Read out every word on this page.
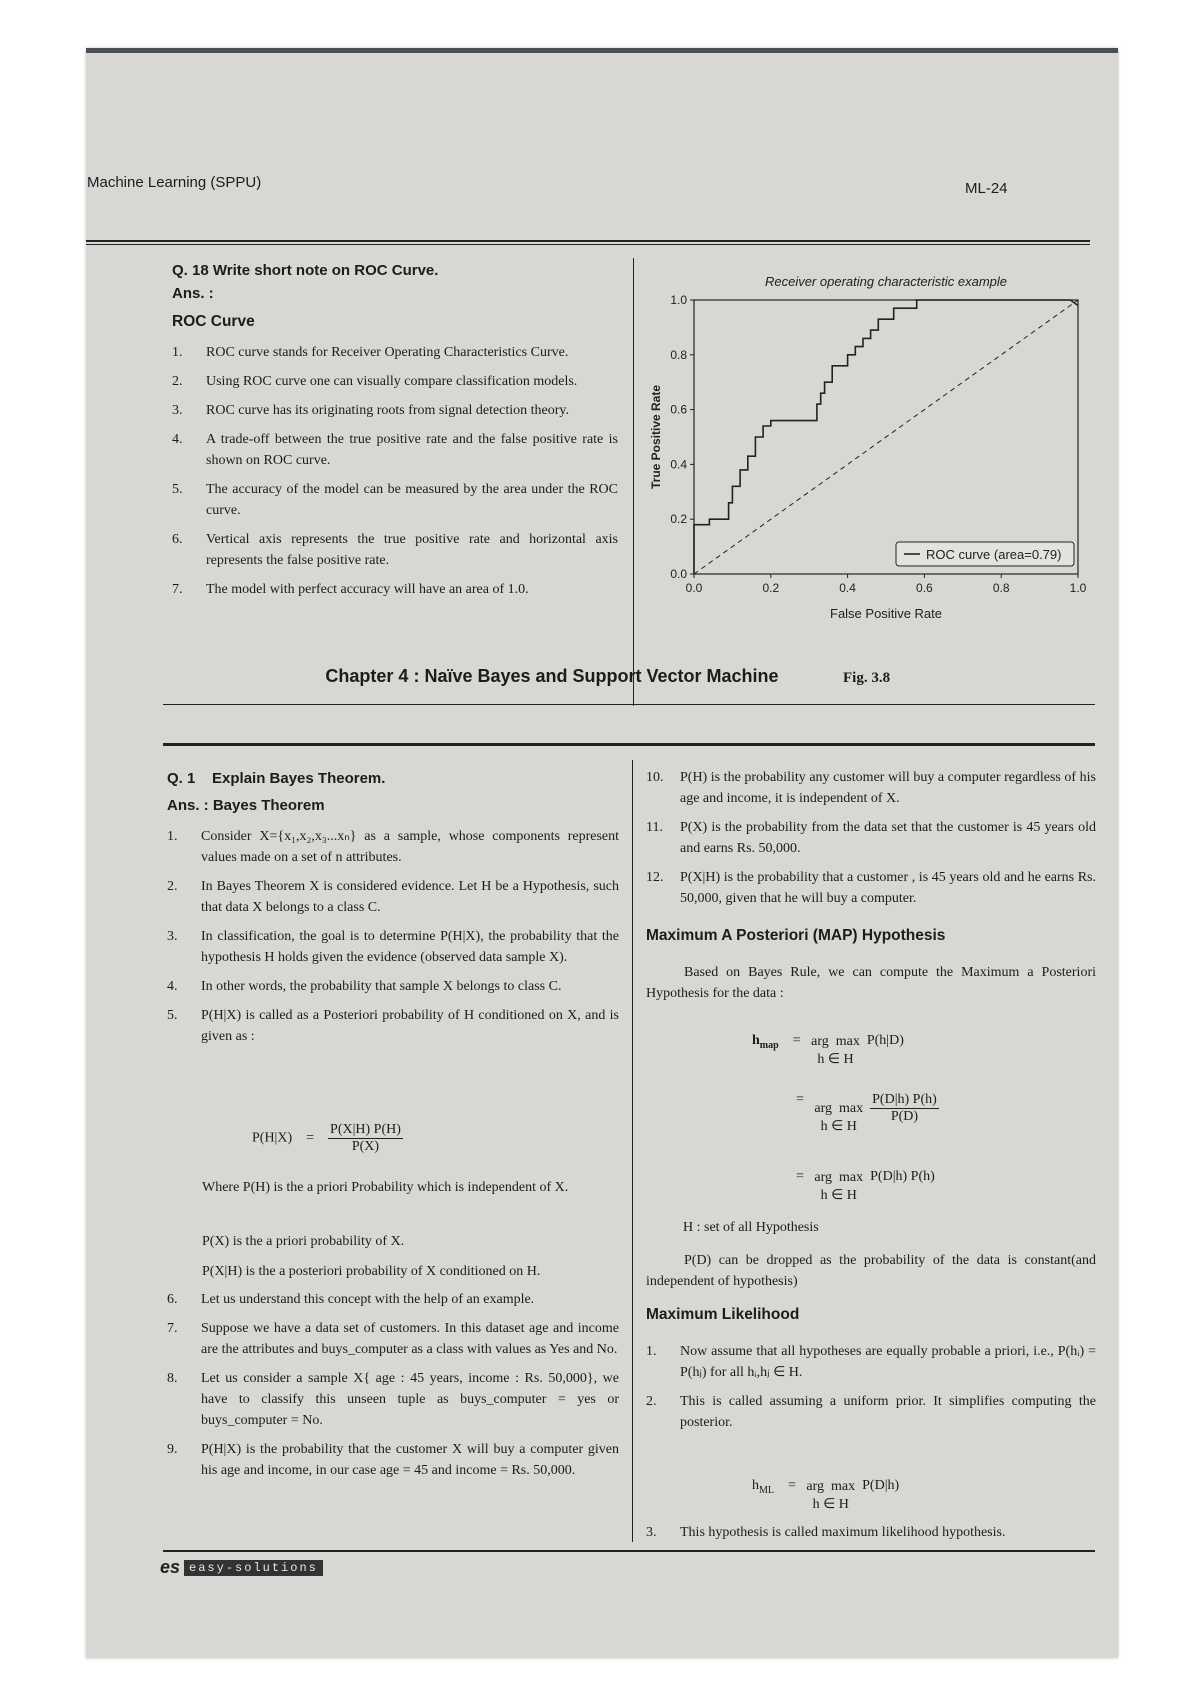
Machine Learning (SPPU)	ML-24
Q. 18 Write short note on ROC Curve.
Ans. :
ROC Curve
1. ROC curve stands for Receiver Operating Characteristics Curve.
2. Using ROC curve one can visually compare classification models.
3. ROC curve has its originating roots from signal detection theory.
4. A trade-off between the true positive rate and the false positive rate is shown on ROC curve.
5. The accuracy of the model can be measured by the area under the ROC curve.
6. Vertical axis represents the true positive rate and horizontal axis represents the false positive rate.
7. The model with perfect accuracy will have an area of 1.0.
Receiver operating characteristic example
0.0	0.2	0.4	0.6	0.8	1.0
0.0
0.2
0.4
0.6
0.8
1.0
False Positive Rate
True Positive Rate
ROC curve (area=0.79)
Fig. 3.8
Chapter 4 : Naïve Bayes and Support Vector Machine
Q. 1    Explain Bayes Theorem.
Ans. : Bayes Theorem
1. Consider X={x₁,x₂,x₃...xₙ} as a sample, whose components represent values made on a set of n attributes.
2. In Bayes Theorem X is considered evidence. Let H be a Hypothesis, such that data X belongs to a class C.
3. In classification, the goal is to determine P(H|X), the probability that the hypothesis H holds given the evidence (observed data sample X).
4. In other words, the probability that sample X belongs to class C.
5. P(H|X) is called as a Posteriori probability of H conditioned on X, and is given as :
$P(H|X) = \frac{P(X|H) P(H)}{P(X)}$
Where P(H) is the a priori Probability which is independent of X.
P(X) is the a priori probability of X.
P(X|H) is the a posteriori probability of X conditioned on H.
6. Let us understand this concept with the help of an example.
7. Suppose we have a data set of customers. In this dataset age and income are the attributes and buys_computer as a class with values as Yes and No.
8. Let us consider a sample X{ age : 45 years, income : Rs. 50,000}, we have to classify this unseen tuple as buys_computer = yes or buys_computer = No.
9. P(H|X) is the probability that the customer X will buy a computer given his age and income, in our case age = 45 and income = Rs. 50,000.
10. P(H) is the probability any customer will buy a computer regardless of his age and income, it is independent of X.
11. P(X) is the probability from the data set that the customer is 45 years old and earns Rs. 50,000.
12. P(X|H) is the probability that a customer , is 45 years old and he earns Rs. 50,000, given that he will buy a computer.
Maximum A Posteriori (MAP) Hypothesis
Based on Bayes Rule, we can compute the Maximum a Posteriori Hypothesis for the data :
$h_{map}$ = arg  max
h ∈ H  P(h|D)
=   arg  max
h ∈ H
$\frac{P(D|h) P(h)}{P(D)}$
= arg  max
h ∈ H  P(D|h) P(h)
H : set of all Hypothesis
P(D) can be dropped as the probability of the data is constant(and independent of hypothesis)
Maximum Likelihood
1. Now assume that all hypotheses are equally probable a priori, i.e., P(hᵢ) = P(hⱼ) for all hᵢ,hⱼ ∈ H.
2. This is called assuming a uniform prior. It simplifies computing the posterior.
$h_{ML}$ = arg  max
h ∈ H  P(D|h)
3. This hypothesis is called maximum likelihood hypothesis.
es easy-solutions
